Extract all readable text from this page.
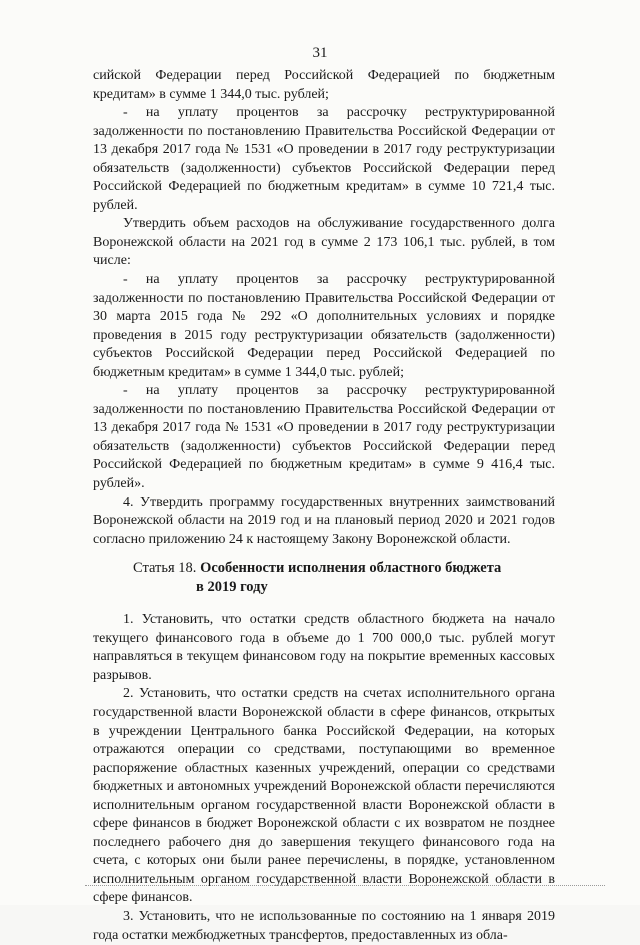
31

сийской Федерации перед Российской Федерацией по бюджетным кредитам» в сумме 1 344,0 тыс. рублей;

- на уплату процентов за рассрочку реструктурированной задолженности по постановлению Правительства Российской Федерации от 13 декабря 2017 года № 1531 «О проведении в 2017 году реструктуризации обязательств (задолженности) субъектов Российской Федерации перед Российской Федерацией по бюджетным кредитам» в сумме 10 721,4 тыс. рублей.

Утвердить объем расходов на обслуживание государственного долга Воронежской области на 2021 год в сумме 2 173 106,1 тыс. рублей, в том числе:

- на уплату процентов за рассрочку реструктурированной задолженности по постановлению Правительства Российской Федерации от 30 марта 2015 года № 292 «О дополнительных условиях и порядке проведения в 2015 году реструктуризации обязательств (задолженности) субъектов Российской Федерации перед Российской Федерацией по бюджетным кредитам» в сумме 1 344,0 тыс. рублей;

- на уплату процентов за рассрочку реструктурированной задолженности по постановлению Правительства Российской Федерации от 13 декабря 2017 года № 1531 «О проведении в 2017 году реструктуризации обязательств (задолженности) субъектов Российской Федерации перед Российской Федерацией по бюджетным кредитам» в сумме 9 416,4 тыс. рублей».

4. Утвердить программу государственных внутренних заимствований Воронежской области на 2019 год и на плановый период 2020 и 2021 годов согласно приложению 24 к настоящему Закону Воронежской области.

Статья 18. Особенности исполнения областного бюджета
в 2019 году

1. Установить, что остатки средств областного бюджета на начало текущего финансового года в объеме до 1 700 000,0 тыс. рублей могут направляться в текущем финансовом году на покрытие временных кассовых разрывов.

2. Установить, что остатки средств на счетах исполнительного органа государственной власти Воронежской области в сфере финансов, открытых в учреждении Центрального банка Российской Федерации, на которых отражаются операции со средствами, поступающими во временное распоряжение областных казенных учреждений, операции со средствами бюджетных и автономных учреждений Воронежской области перечисляются исполнительным органом государственной власти Воронежской области в сфере финансов в бюджет Воронежской области с их возвратом не позднее последнего рабочего дня до завершения текущего финансового года на счета, с которых они были ранее перечислены, в порядке, установленном исполнительным органом государственной власти Воронежской области в сфере финансов.

3. Установить, что не использованные по состоянию на 1 января 2019 года остатки межбюджетных трансфертов, предоставленных из обла-
